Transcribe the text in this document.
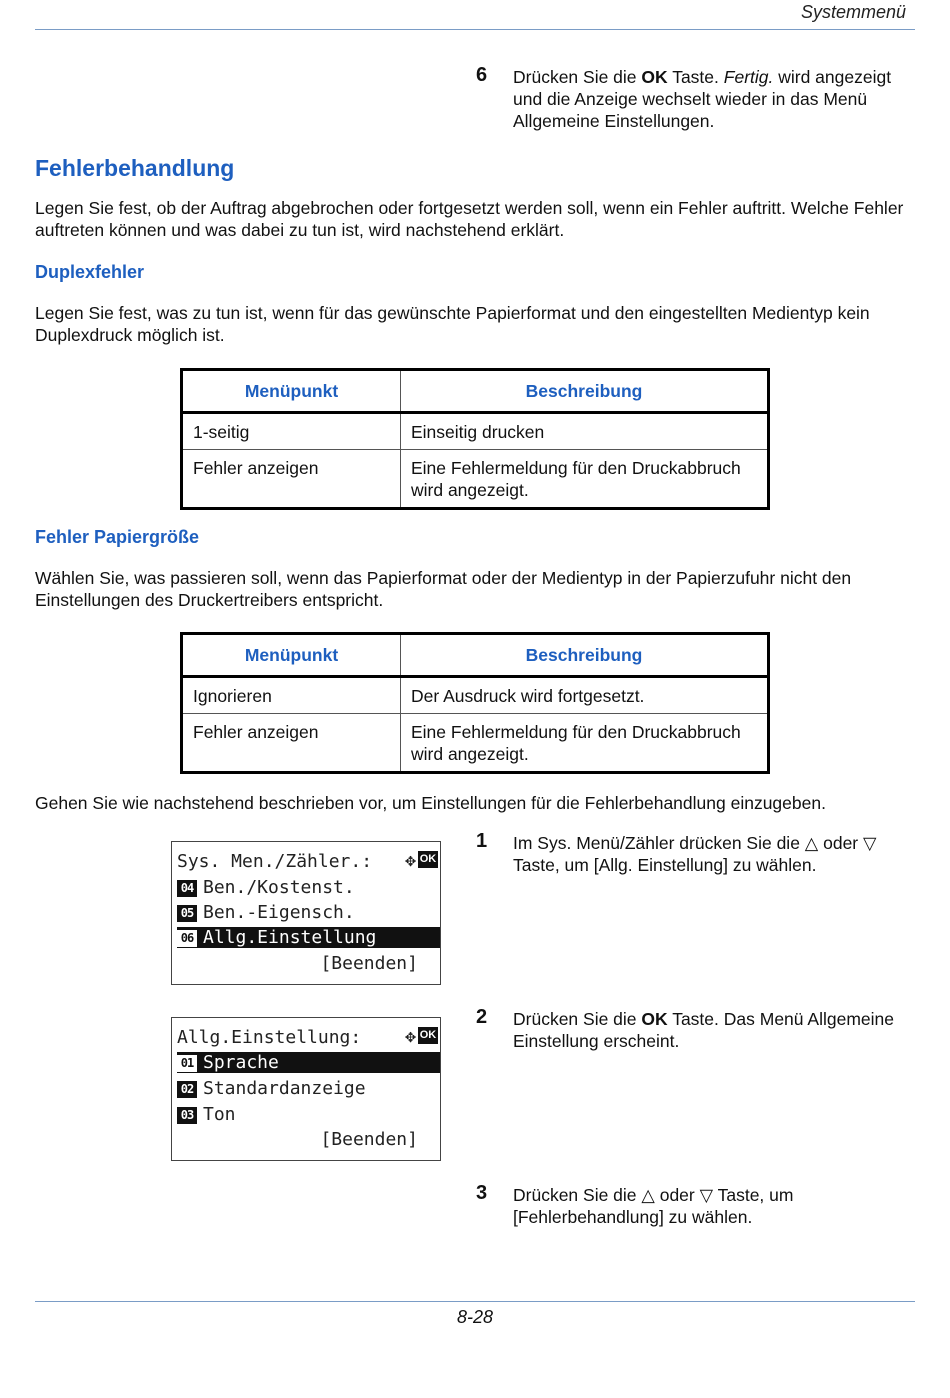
Systemmenü
6 Drücken Sie die OK Taste. Fertig. wird angezeigt und die Anzeige wechselt wieder in das Menü Allgemeine Einstellungen.
Fehlerbehandlung
Legen Sie fest, ob der Auftrag abgebrochen oder fortgesetzt werden soll, wenn ein Fehler auftritt. Welche Fehler auftreten können und was dabei zu tun ist, wird nachstehend erklärt.
Duplexfehler
Legen Sie fest, was zu tun ist, wenn für das gewünschte Papierformat und den eingestellten Medientyp kein Duplexdruck möglich ist.
Menüpunkt	Beschreibung
1-seitig	Einseitig drucken
Fehler anzeigen	Eine Fehlermeldung für den Druckabbruch wird angezeigt.
Fehler Papiergröße
Wählen Sie, was passieren soll, wenn das Papierformat oder der Medientyp in der Papierzufuhr nicht den Einstellungen des Druckertreibers entspricht.
Menüpunkt	Beschreibung
Ignorieren	Der Ausdruck wird fortgesetzt.
Fehler anzeigen	Eine Fehlermeldung für den Druckabbruch wird angezeigt.
Gehen Sie wie nachstehend beschrieben vor, um Einstellungen für die Fehlerbehandlung einzugeben.
Sys. Men./Zähler.:	✥ OK
04 Ben./Kostenst.
05 Ben.-Eigensch.
06 Allg.Einstellung
[Beenden]
1 Im Sys. Menü/Zähler drücken Sie die △ oder ▽ Taste, um [Allg. Einstellung] zu wählen.
Allg.Einstellung:	✥ OK
01 Sprache
02 Standardanzeige
03 Ton
[Beenden]
2 Drücken Sie die OK Taste. Das Menü Allgemeine Einstellung erscheint.
3 Drücken Sie die △ oder ▽ Taste, um [Fehlerbehandlung] zu wählen.
8-28
